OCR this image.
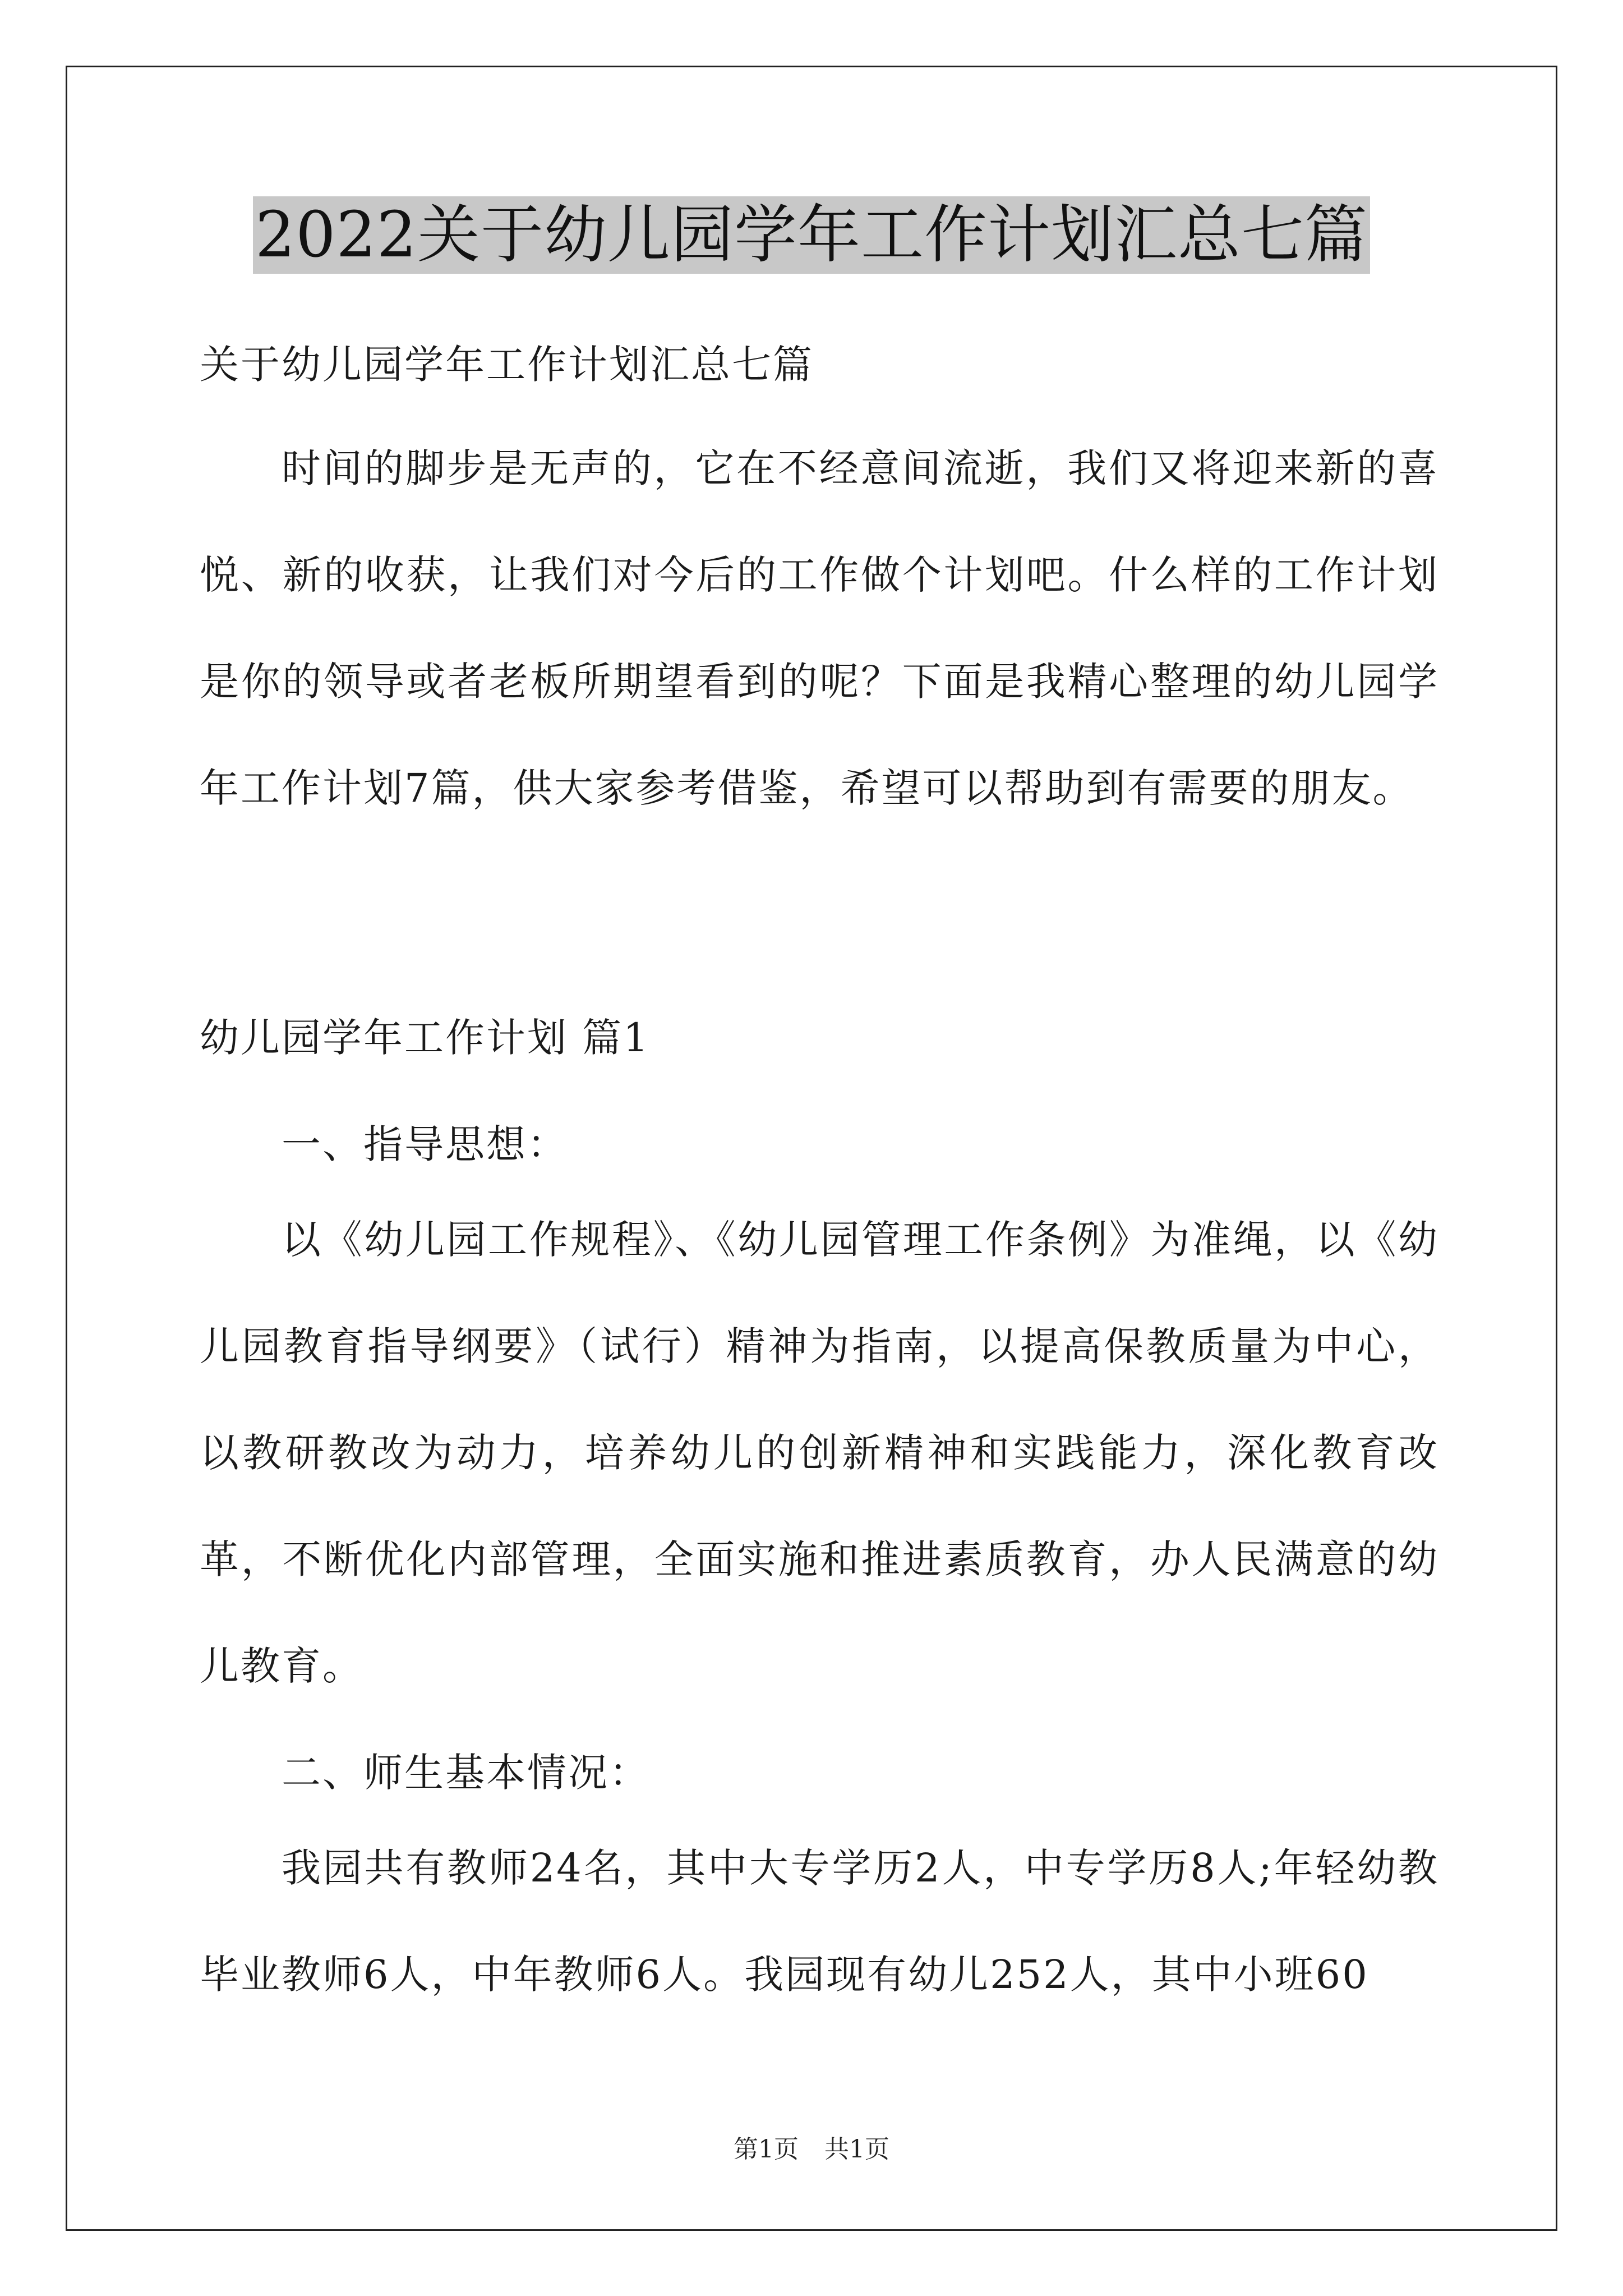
2022关于幼儿园学年工作计划汇总七篇

关于幼儿园学年工作计划汇总七篇

时间的脚步是无声的，它在不经意间流逝，我们又将迎来新的喜悦、新的收获，让我们对今后的工作做个计划吧。什么样的工作计划是你的领导或者老板所期望看到的呢？下面是我精心整理的幼儿园学年工作计划7篇，供大家参考借鉴，希望可以帮助到有需要的朋友。

幼儿园学年工作计划 篇1

一、指导思想：

以《幼儿园工作规程》、《幼儿园管理工作条例》为准绳，以《幼儿园教育指导纲要》（试行）精神为指南，以提高保教质量为中心，以教研教改为动力，培养幼儿的创新精神和实践能力，深化教育改革，不断优化内部管理，全面实施和推进素质教育，办人民满意的幼儿教育。

二、师生基本情况：

我园共有教师24名，其中大专学历2人，中专学历8人;年轻幼教毕业教师6人，中年教师6人。我园现有幼儿252人，其中小班60

第1页 共1页
